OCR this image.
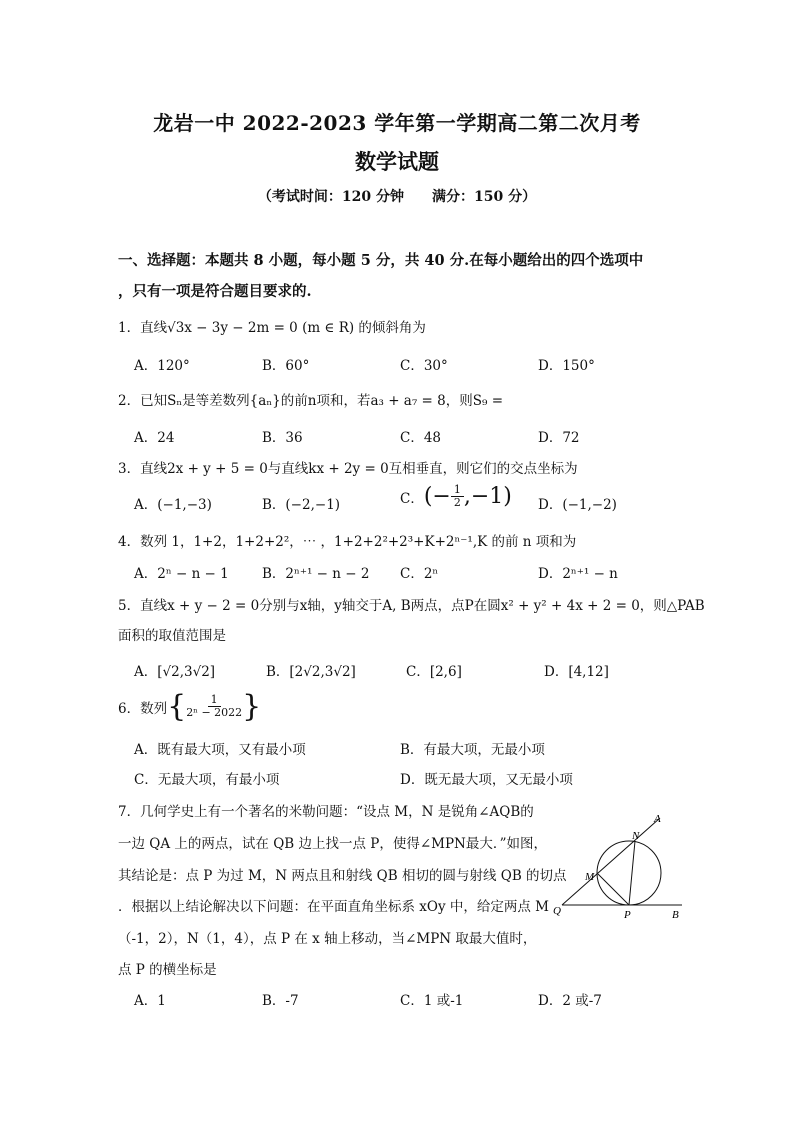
龙岩一中 2022-2023 学年第一学期高二第二次月考
数学试题
（考试时间：120 分钟　　满分：150 分）
一、选择题：本题共 8 小题，每小题 5 分，共 40 分.在每小题给出的四个选项中
，只有一项是符合题目要求的.
1．直线√3x − 3y − 2m = 0 (m ∈ R) 的倾斜角为
A．120°	B．60°	C．30°	D．150°
2．已知Sₙ是等差数列{aₙ}的前n项和，若a₃ + a₇ = 8，则S₉ =
A．24	B．36	C．48	D．72
3．直线2x + y + 5 = 0与直线kx + 2y = 0互相垂直，则它们的交点坐标为
A．(−1,−3)	B．(−2,−1)	C． (− $\frac{1}{2} ,-1$) D．(−1,−2)
4．数列 1，1+2，1+2+2²，⋯ ，1+2+2²+2³+K+2ⁿ⁻¹,K 的前 n 项和为
A．2ⁿ − n − 1 B．2ⁿ⁺¹ − n − 2 C．2ⁿ	D．2ⁿ⁺¹ − n
5．直线x + y − 2 = 0分别与x轴，y轴交于A, B两点，点P在圆x² + y² + 4x + 2 = 0，则△PAB
面积的取值范围是
A．[√2,3√2]	B．[2√2,3√2]	C．[2,6]	D．[4,12]
6．数列 { $\frac{1}{\text{2ⁿ − 2022}}$ }
A．既有最大项，又有最小项	B．有最大项，无最小项
C．无最大项，有最小项	D．既无最大项，又无最小项
7．几何学史上有一个著名的米勒问题：“设点 M，N 是锐角∠AQB的
一边 QA 上的两点，试在 QB 边上找一点 P，使得∠MPN最大．”如图，
其结论是：点 P 为过 M，N 两点且和射线 QB 相切的圆与射线 QB 的切点
．根据以上结论解决以下问题：在平面直角坐标系 xOy 中，给定两点 M
（-1，2），N（1，4），点 P 在 x 轴上移动，当∠MPN 取最大值时，
点 P 的横坐标是
A．1	B．-7	C．1 或-1	D．2 或-7
A
N
M
Q	P	B
